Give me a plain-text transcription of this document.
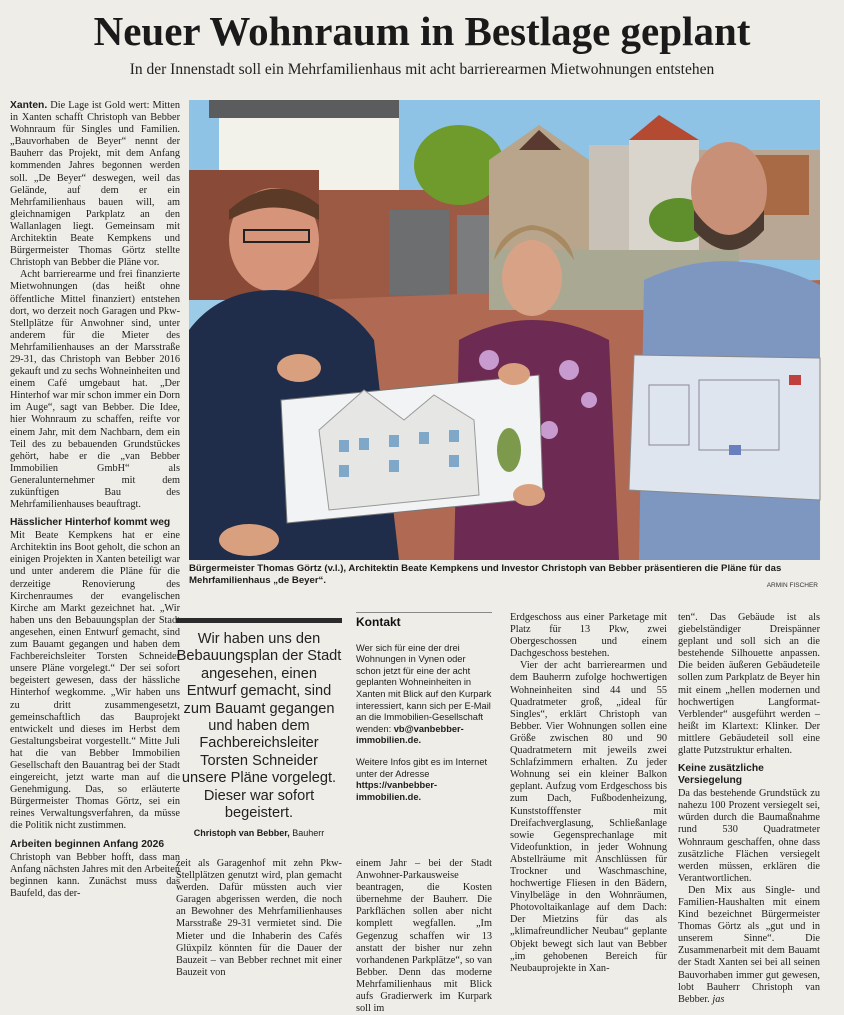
Neuer Wohnraum in Bestlage geplant
In der Innenstadt soll ein Mehrfamilienhaus mit acht barrierearmen Mietwohnungen entstehen

Xanten. Die Lage ist Gold wert: Mitten in Xanten schafft Christoph van Bebber Wohnraum für Singles und Familien. „Bauvorhaben de Beyer“ nennt der Bauherr das Projekt, mit dem Anfang kommenden Jahres begonnen werden soll. „De Beyer“ deswegen, weil das Gelände, auf dem er ein Mehrfamilienhaus bauen will, am gleichnamigen Parkplatz an den Wallanlagen liegt. Gemeinsam mit Architektin Beate Kempkens und Bürgermeister Thomas Görtz stellte Christoph van Bebber die Pläne vor.

Acht barrierearme und frei finanzierte Mietwohnungen (das heißt ohne öffentliche Mittel finanziert) entstehen dort, wo derzeit noch Garagen und Pkw-Stellplätze für Anwohner sind, unter anderem für die Mieter des Mehrfamilienhauses an der Marsstraße 29-31, das Christoph van Bebber 2016 gekauft und zu sechs Wohneinheiten und einem Café umgebaut hat. „Der Hinterhof war mir schon immer ein Dorn im Auge“, sagt van Bebber. Die Idee, hier Wohnraum zu schaffen, reifte vor einem Jahr, mit dem Nachbarn, dem ein Teil des zu bebauenden Grundstückes gehört, habe er die „van Bebber Immobilien GmbH“ als Generalunternehmer mit dem zukünftigen Bau des Mehrfamilienhauses beauftragt.

Hässlicher Hinterhof kommt weg

Mit Beate Kempkens hat er eine Architektin ins Boot geholt, die schon an einigen Projekten in Xanten beteiligt war und unter anderem die Pläne für die derzeitige Renovierung des Kirchenraumes der evangelischen Kirche am Markt gezeichnet hat. „Wir haben uns den Bebauungsplan der Stadt angesehen, einen Entwurf gemacht, sind zum Bauamt gegangen und haben dem Fachbereichsleiter Torsten Schneider unsere Pläne vorgelegt.“ Der sei sofort begeistert gewesen, dass der hässliche Hinterhof wegkomme. „Wir haben uns zu dritt zusammengesetzt, gemeinschaftlich das Bauprojekt entwickelt und dieses im Herbst dem Gestaltungsbeirat vorgestellt.“ Mitte Juli hat die van Bebber Immobilien Gesellschaft den Bauantrag bei der Stadt eingereicht, jetzt warte man auf die Genehmigung. Das, so erläuterte Bürgermeister Thomas Görtz, sei ein reines Verwaltungsverfahren, da müsse die Politik nicht zustimmen.

Arbeiten beginnen Anfang 2026

Christoph van Bebber hofft, dass man Anfang nächsten Jahres mit den Arbeiten beginnen kann. Zunächst muss das Baufeld, das der-

Bürgermeister Thomas Görtz (v.l.), Architektin Beate Kempkens und Investor Christoph van Bebber präsentieren die Pläne für das Mehrfamilienhaus „de Beyer“.	ARMIN FISCHER
Wir haben uns den Bebauungsplan der Stadt angesehen, einen Entwurf gemacht, sind zum Bauamt gegangen und haben dem Fachbereichsleiter Torsten Schneider unsere Pläne vorgelegt. Dieser war sofort begeistert.
Christoph van Bebber, Bauherr
Kontakt

Wer sich für eine der drei Wohnungen in Vynen oder schon jetzt für eine der acht geplanten Wohneinheiten in Xanten mit Blick auf den Kurpark interessiert, kann sich per E-Mail an die Immobilien-Gesellschaft wenden: vb@vanbebber-immobilien.de.

Weitere Infos gibt es im Internet unter der Adresse https://vanbebber-immobilien.de.

zeit als Garagenhof mit zehn Pkw-Stellplätzen genutzt wird, plan gemacht werden. Dafür müssten auch vier Garagen abgerissen werden, die noch an Bewohner des Mehrfamilienhauses Marsstraße 29-31 vermietet sind. Die Mieter und die Inhaberin des Cafés Glüxpilz könnten für die Dauer der Bauzeit – van Bebber rechnet mit einer Bauzeit von

einem Jahr – bei der Stadt Anwohner-Parkausweise beantragen, die Kosten übernehme der Bauherr. Die Parkflächen sollen aber nicht komplett wegfallen. „Im Gegenzug schaffen wir 13 anstatt der bisher nur zehn vorhandenen Parkplätze“, so van Bebber. Denn das moderne Mehrfamilienhaus mit Blick aufs Gradierwerk im Kurpark soll im

Erdgeschoss aus einer Parketage mit Platz für 13 Pkw, zwei Obergeschossen und einem Dachgeschoss bestehen.

Vier der acht barrierearmen und dem Bauherrn zufolge hochwertigen Wohneinheiten sind 44 und 55 Quadratmeter groß, „ideal für Singles“, erklärt Christoph van Bebber. Vier Wohnungen sollen eine Größe zwischen 80 und 90 Quadratmetern mit jeweils zwei Schlafzimmern erhalten. Zu jeder Wohnung sei ein kleiner Balkon geplant. Aufzug vom Erdgeschoss bis zum Dach, Fußbodenheizung, Kunststofffenster mit Dreifachverglasung, Schließanlage sowie Gegensprechanlage mit Videofunktion, in jeder Wohnung Abstellräume mit Anschlüssen für Trockner und Waschmaschine, hochwertige Fliesen in den Bädern, Vinylbeläge in den Wohnräumen, Photovoltaikanlage auf dem Dach: Der Mietzins für das als „klimafreundlicher Neubau“ geplante Objekt bewegt sich laut van Bebber „im gehobenen Bereich für Neubauprojekte in Xan-

ten“. Das Gebäude ist als giebelständiger Dreispänner geplant und soll sich an die bestehende Silhouette anpassen. Die beiden äußeren Gebäudeteile sollen zum Parkplatz de Beyer hin mit einem „hellen modernen und hochwertigen Langformat-Verblender“ ausgeführt werden – heißt im Klartext: Klinker. Der mittlere Gebäudeteil soll eine glatte Putzstruktur erhalten.

Keine zusätzliche Versiegelung

Da das bestehende Grundstück zu nahezu 100 Prozent versiegelt sei, würden durch die Baumaßnahme rund 530 Quadratmeter Wohnraum geschaffen, ohne dass zusätzliche Flächen versiegelt werden müssen, erklären die Verantwortlichen.

Den Mix aus Single- und Familien-Haushalten mit einem Kind bezeichnet Bürgermeister Thomas Görtz als „gut und in unserem Sinne“. Die Zusammenarbeit mit dem Bauamt der Stadt Xanten sei bei all seinen Bauvorhaben immer gut gewesen, lobt Bauherr Christoph van Bebber. jas
